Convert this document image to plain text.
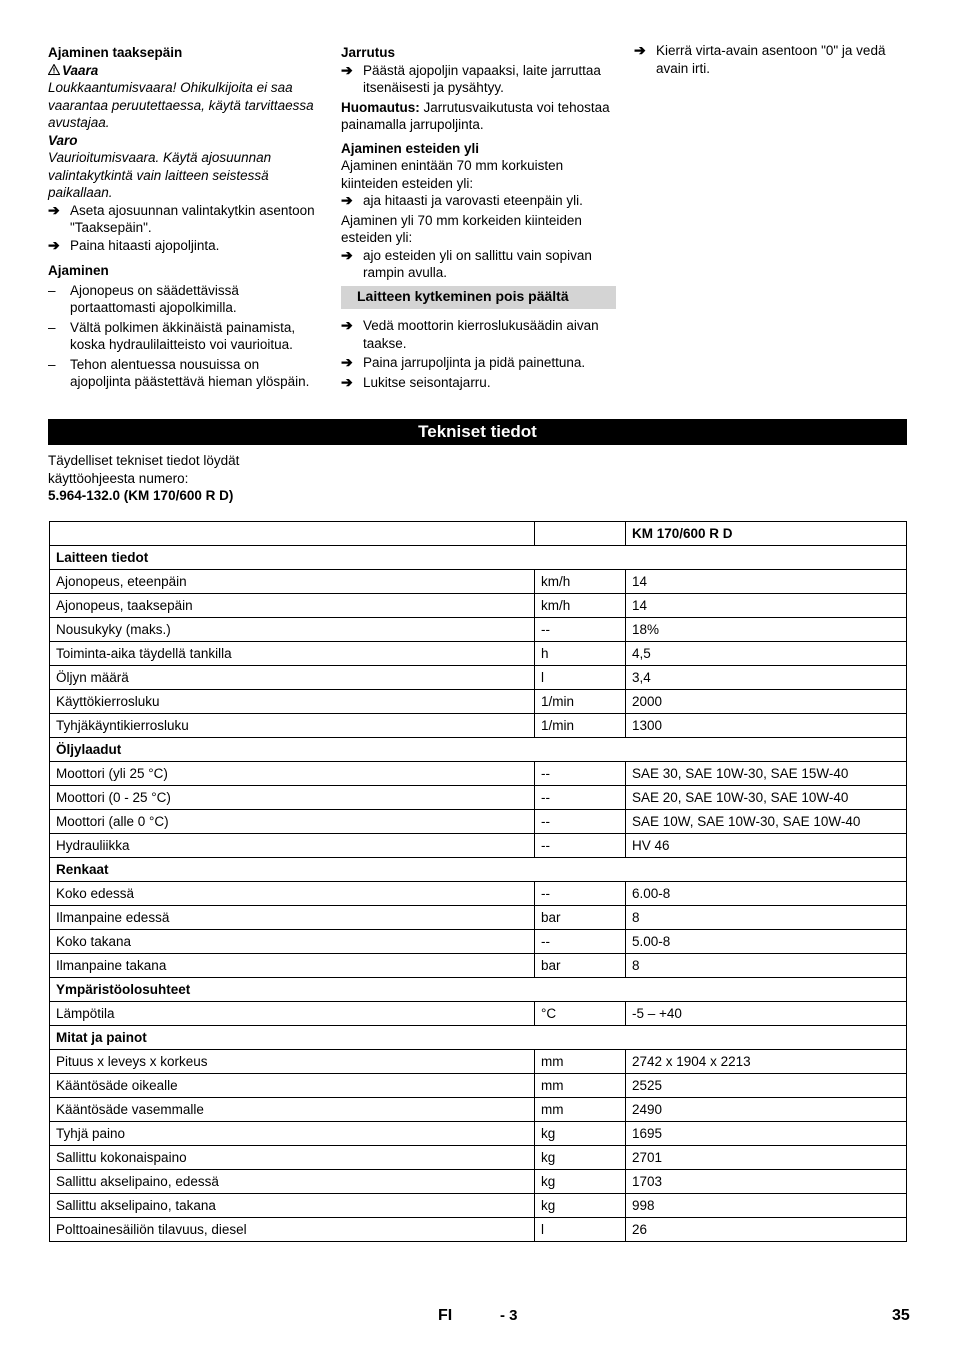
Ajaminen taaksepäin

Vaara

Loukkaantumisvaara! Ohikulkijoita ei saa vaarantaa peruutettaessa, käytä tarvittaessa avustajaa.

Varo

Vaurioitumisvaara. Käytä ajosuunnan valintakytkintä vain laitteen seistessä paikallaan.

➔ Aseta ajosuunnan valintakytkin asentoon "Taaksepäin".
➔ Paina hitaasti ajopoljinta.

Ajaminen

– Ajonopeus on säädettävissä portaattomasti ajopolkimilla.
– Vältä polkimen äkkinäistä painamista, koska hydraulilaitteisto voi vaurioitua.
– Tehon alentuessa nousuissa on ajopoljinta päästettävä hieman ylöspäin.

Jarrutus

➔ Päästä ajopoljin vapaaksi, laite jarruttaa itsenäisesti ja pysähtyy.

Huomautus: Jarrutusvaikutusta voi tehostaa painamalla jarrupoljinta.

Ajaminen esteiden yli

Ajaminen enintään 70 mm korkuisten kiinteiden esteiden yli:

➔ aja hitaasti ja varovasti eteenpäin yli.

Ajaminen yli 70 mm korkeiden kiinteiden esteiden yli:

➔ ajo esteiden yli on sallittu vain sopivan rampin avulla.
Laitteen kytkeminen pois päältä
➔ Vedä moottorin kierroslukusäädin aivan taakse.
➔ Paina jarrupoljinta ja pidä painettuna.
➔ Lukitse seisontajarru.
➔ Kierrä virta-avain asentoon "0" ja vedä avain irti.
Tekniset tiedot

Täydelliset tekniset tiedot löydät käyttöohjeesta numero:

5.964-132.0 (KM 170/600 R D)

		KM 170/600 R D
Laitteen tiedot		
Ajonopeus, eteenpäin	km/h	14
Ajonopeus, taaksepäin	km/h	14
Nousukyky (maks.)	--	18%
Toiminta-aika täydellä tankilla	h	4,5
Öljyn määrä	l	3,4
Käyttökierrosluku	1/min	2000
Tyhjäkäyntikierrosluku	1/min	1300
Öljylaadut		
Moottori (yli 25 °C)	--	SAE 30, SAE 10W-30, SAE 15W-40
Moottori (0 - 25 °C)	--	SAE 20, SAE 10W-30, SAE 10W-40
Moottori (alle 0 °C)	--	SAE 10W, SAE 10W-30, SAE 10W-40
Hydrauliikka	--	HV 46
Renkaat		
Koko edessä	--	6.00-8
Ilmanpaine edessä	bar	8
Koko takana	--	5.00-8
Ilmanpaine takana	bar	8
Ympäristöolosuhteet		
Lämpötila	°C	-5 – +40
Mitat ja painot		
Pituus x leveys x korkeus	mm	2742 x 1904 x 2213
Kääntösäde oikealle	mm	2525
Kääntösäde vasemmalle	mm	2490
Tyhjä paino	kg	1695
Sallittu kokonaispaino	kg	2701
Sallittu akselipaino, edessä	kg	1703
Sallittu akselipaino, takana	kg	998
Polttoainesäiliön tilavuus, diesel	l	26
FI	- 3	35
